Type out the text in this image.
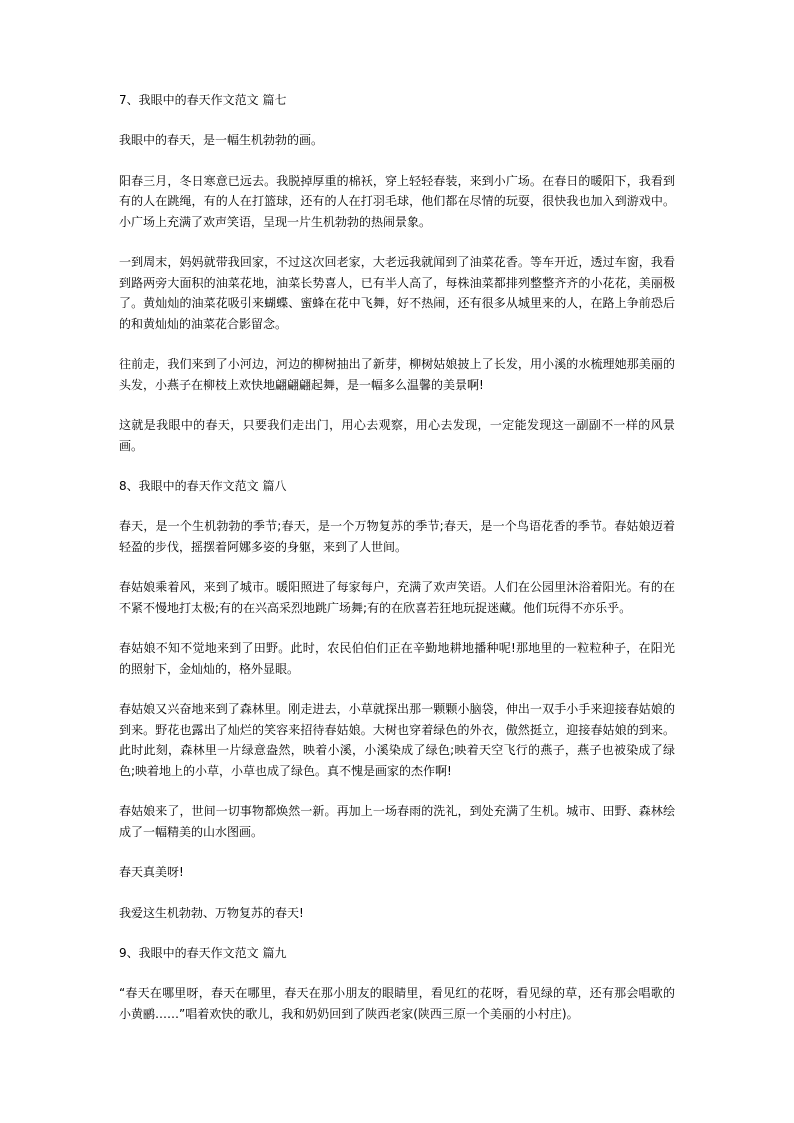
7、我眼中的春天作文范文 篇七

我眼中的春天，是一幅生机勃勃的画。

阳春三月，冬日寒意已远去。我脱掉厚重的棉袄，穿上轻轻春装，来到小广场。在春日的暖阳下，我看到有的人在跳绳，有的人在打篮球，还有的人在打羽毛球，他们都在尽情的玩耍，很快我也加入到游戏中。小广场上充满了欢声笑语，呈现一片生机勃勃的热闹景象。

一到周末，妈妈就带我回家，不过这次回老家，大老远我就闻到了油菜花香。等车开近，透过车窗，我看到路两旁大面积的油菜花地，油菜长势喜人，已有半人高了，每株油菜都排列整整齐齐的小花花，美丽极了。黄灿灿的油菜花吸引来蝴蝶、蜜蜂在花中飞舞，好不热闹，还有很多从城里来的人，在路上争前恐后的和黄灿灿的油菜花合影留念。

往前走，我们来到了小河边，河边的柳树抽出了新芽，柳树姑娘披上了长发，用小溪的水梳理她那美丽的头发，小燕子在柳枝上欢快地翩翩翩起舞，是一幅多么温馨的美景啊!

这就是我眼中的春天，只要我们走出门，用心去观察，用心去发现，一定能发现这一副副不一样的风景画。

8、我眼中的春天作文范文 篇八

春天，是一个生机勃勃的季节;春天，是一个万物复苏的季节;春天，是一个鸟语花香的季节。春姑娘迈着轻盈的步伐，摇摆着阿娜多姿的身躯，来到了人世间。

春姑娘乘着风，来到了城市。暖阳照进了每家每户，充满了欢声笑语。人们在公园里沐浴着阳光。有的在不紧不慢地打太极;有的在兴高采烈地跳广场舞;有的在欣喜若狂地玩捉迷藏。他们玩得不亦乐乎。

春姑娘不知不觉地来到了田野。此时，农民伯伯们正在辛勤地耕地播种呢!那地里的一粒粒种子，在阳光的照射下，金灿灿的，格外显眼。

春姑娘又兴奋地来到了森林里。刚走进去，小草就探出那一颗颗小脑袋，伸出一双手小手来迎接春姑娘的到来。野花也露出了灿烂的笑容来招待春姑娘。大树也穿着绿色的外衣，傲然挺立，迎接春姑娘的到来。此时此刻，森林里一片绿意盎然，映着小溪，小溪染成了绿色;映着天空飞行的燕子，燕子也被染成了绿色;映着地上的小草，小草也成了绿色。真不愧是画家的杰作啊!

春姑娘来了，世间一切事物都焕然一新。再加上一场春雨的洗礼，到处充满了生机。城市、田野、森林绘成了一幅精美的山水图画。

春天真美呀!

我爱这生机勃勃、万物复苏的春天!

9、我眼中的春天作文范文 篇九

“春天在哪里呀，春天在哪里，春天在那小朋友的眼睛里，看见红的花呀，看见绿的草，还有那会唱歌的小黄鹂……”唱着欢快的歌儿，我和奶奶回到了陕西老家(陕西三原一个美丽的小村庄)。
